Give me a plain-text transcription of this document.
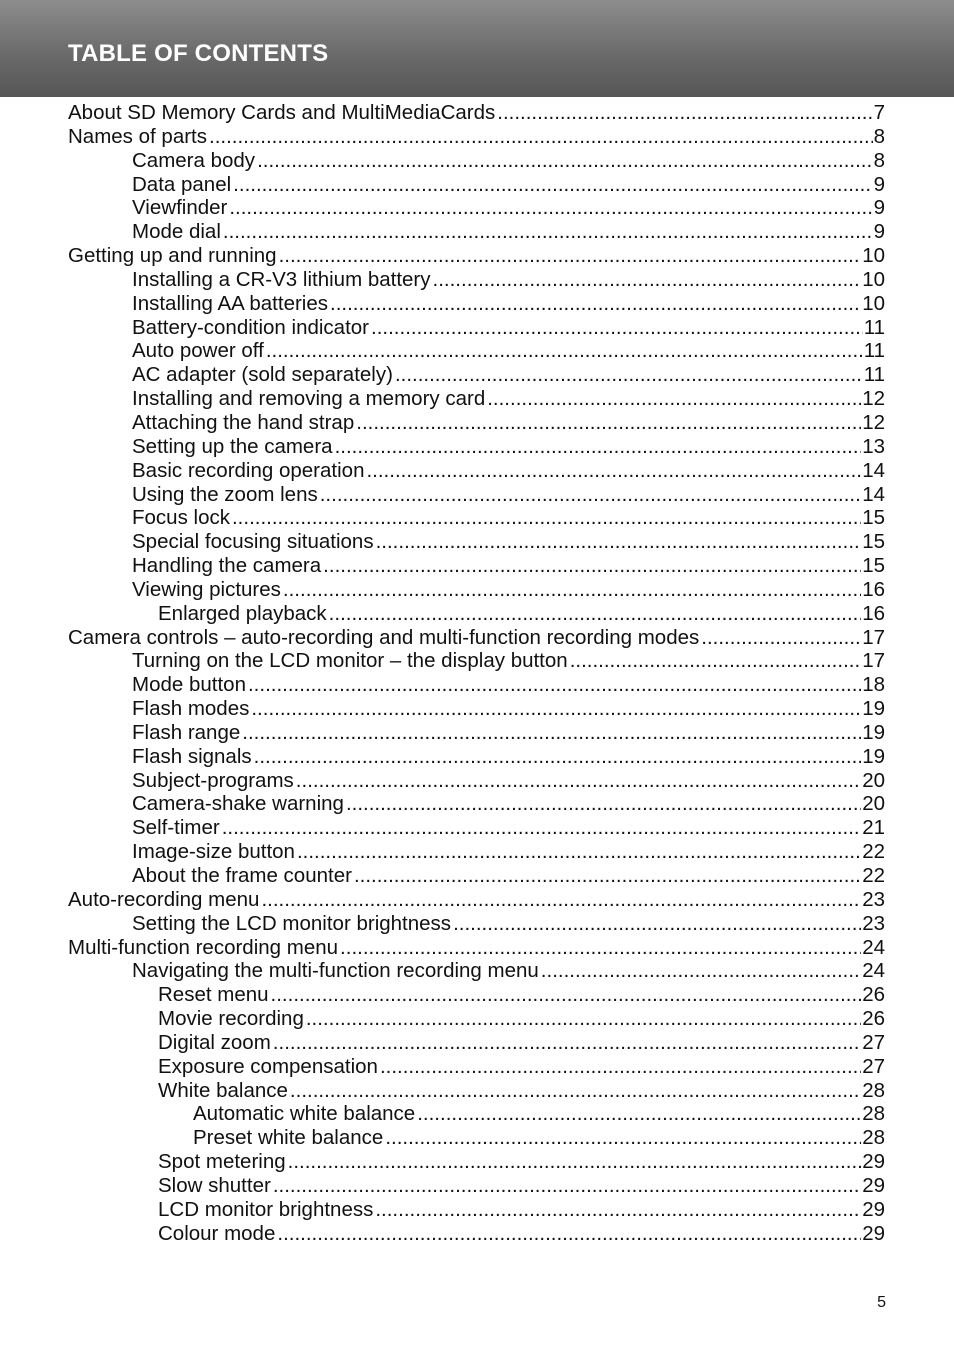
TABLE OF CONTENTS
About SD Memory Cards and MultiMediaCards .....	7
Names of parts .....	8
Camera body .....	8
Data panel .....	9
Viewfinder .....	9
Mode dial .....	9
Getting up and running .....	10
Installing a CR-V3 lithium battery .....	10
Installing AA batteries .....	10
Battery-condition indicator .....	11
Auto power off .....	11
AC adapter (sold separately) .....	11
Installing and removing a memory card .....	12
Attaching the hand strap .....	12
Setting up the camera .....	13
Basic recording operation .....	14
Using the zoom lens .....	14
Focus lock .....	15
Special focusing situations .....	15
Handling the camera .....	15
Viewing pictures .....	16
Enlarged playback .....	16
Camera controls – auto-recording and multi-function recording modes .....	17
Turning on the LCD monitor – the display button .....	17
Mode button .....	18
Flash modes .....	19
Flash range .....	19
Flash signals .....	19
Subject-programs .....	20
Camera-shake warning .....	20
Self-timer .....	21
Image-size button .....	22
About the frame counter .....	22
Auto-recording menu .....	23
Setting the LCD monitor brightness .....	23
Multi-function recording menu .....	24
Navigating the multi-function recording menu .....	24
Reset menu .....	26
Movie recording .....	26
Digital zoom .....	27
Exposure compensation .....	27
White balance .....	28
Automatic white balance .....	28
Preset white balance .....	28
Spot metering .....	29
Slow shutter .....	29
LCD monitor brightness .....	29
Colour mode .....	29
5
